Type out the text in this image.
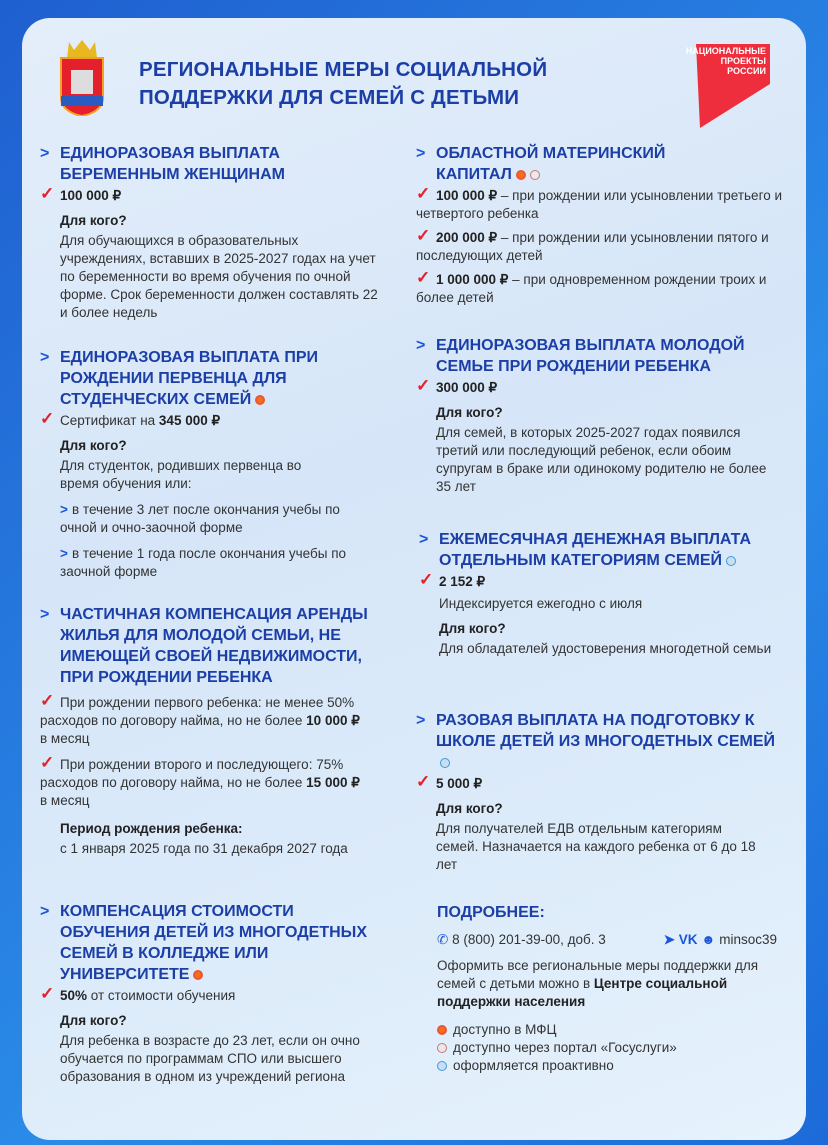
РЕГИОНАЛЬНЫЕ МЕРЫ СОЦИАЛЬНОЙ
ПОДДЕРЖКИ ДЛЯ СЕМЕЙ С ДЕТЬМИ
НАЦИОНАЛЬНЫЕ
ПРОЕКТЫ
РОССИИ
> ЕДИНОРАЗОВАЯ ВЫПЛАТА БЕРЕМЕННЫМ ЖЕНЩИНАМ
✓ 100 000 ₽
Для кого?
Для обучающихся в образовательных учреждениях, вставших в 2025-2027 годах на учет по беременности во время обучения по очной форме. Срок беременности должен составлять 22 и более недель
> ЕДИНОРАЗОВАЯ ВЫПЛАТА ПРИ РОЖДЕНИИ ПЕРВЕНЦА ДЛЯ СТУДЕНЧЕСКИХ СЕМЕЙ
✓ Сертификат на 345 000 ₽
Для кого?
Для студенток, родивших первенца во время обучения или:
> в течение 3 лет после окончания учебы по очной и очно-заочной форме
> в течение 1 года после окончания учебы по заочной форме
> ЧАСТИЧНАЯ КОМПЕНСАЦИЯ АРЕНДЫ ЖИЛЬЯ ДЛЯ МОЛОДОЙ СЕМЬИ, НЕ ИМЕЮЩЕЙ СВОЕЙ НЕДВИЖИМОСТИ, ПРИ РОЖДЕНИИ РЕБЕНКА
✓ При рождении первого ребенка: не менее 50% расходов по договору найма, но не более 10 000 ₽ в месяц
✓ При рождении второго и последующего: 75% расходов по договору найма, но не более 15 000 ₽ в месяц
Период рождения ребенка:
с 1 января 2025 года по 31 декабря 2027 года
> КОМПЕНСАЦИЯ СТОИМОСТИ ОБУЧЕНИЯ ДЕТЕЙ ИЗ МНОГОДЕТНЫХ СЕМЕЙ В КОЛЛЕДЖЕ ИЛИ УНИВЕРСИТЕТЕ
✓ 50% от стоимости обучения
Для кого?
Для ребенка в возрасте до 23 лет, если он очно обучается по программам СПО или высшего образования в одном из учреждений региона
> ОБЛАСТНОЙ МАТЕРИНСКИЙ КАПИТАЛ
✓ 100 000 ₽ – при рождении или усыновлении третьего и четвертого ребенка
✓ 200 000 ₽ – при рождении или усыновлении пятого и последующих детей
✓ 1 000 000 ₽ – при одновременном рождении троих и более детей
> ЕДИНОРАЗОВАЯ ВЫПЛАТА МОЛОДОЙ СЕМЬЕ ПРИ РОЖДЕНИИ РЕБЕНКА
✓ 300 000 ₽
Для кого?
Для семей, в которых 2025-2027 годах появился третий или последующий ребенок, если обоим супругам в браке или одинокому родителю не более 35 лет
> ЕЖЕМЕСЯЧНАЯ ДЕНЕЖНАЯ ВЫПЛАТА ОТДЕЛЬНЫМ КАТЕГОРИЯМ СЕМЕЙ
✓ 2 152 ₽
Индексируется ежегодно с июля
Для кого?
Для обладателей удостоверения многодетной семьи
> РАЗОВАЯ ВЫПЛАТА НА ПОДГОТОВКУ К ШКОЛЕ ДЕТЕЙ ИЗ МНОГОДЕТНЫХ СЕМЕЙ
✓ 5 000 ₽
Для кого?
Для получателей ЕДВ отдельным категориям семей. Назначается на каждого ребенка от 6 до 18 лет
ПОДРОБНЕЕ:
✆ 8 (800) 201-39-00, доб. 3	➤ VK ☻ minsoc39
Оформить все региональные меры поддержки для семей с детьми можно в Центре социальной поддержки населения
доступно в МФЦ
доступно через портал «Госуслуги»
оформляется проактивно
